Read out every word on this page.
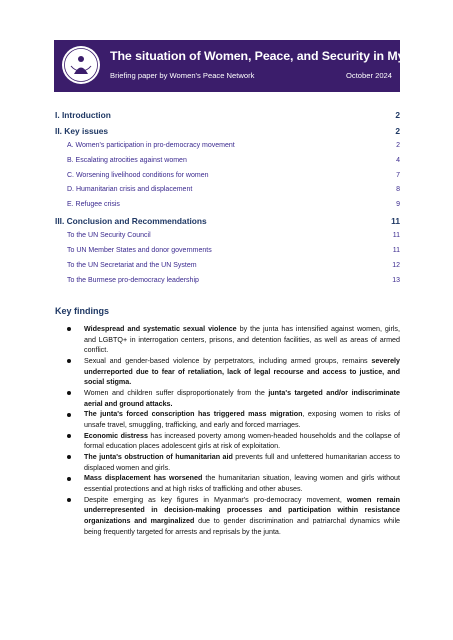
The situation of Women, Peace, and Security in Myanmar
Briefing paper by Women's Peace Network	October 2024
I. Introduction	2
II. Key issues	2
A. Women's participation in pro-democracy movement	2
B. Escalating atrocities against women	4
C. Worsening livelihood conditions for women	7
D. Humanitarian crisis and displacement	8
E. Refugee crisis	9
III. Conclusion and Recommendations	11
To the UN Security Council	11
To UN Member States and donor governments	11
To the UN Secretariat and the UN System	12
To the Burmese pro-democracy leadership	13
Key findings
Widespread and systematic sexual violence by the junta has intensified against women, girls, and LGBTQ+ in interrogation centers, prisons, and detention facilities, as well as areas of armed conflict.
Sexual and gender-based violence by perpetrators, including armed groups, remains severely underreported due to fear of retaliation, lack of legal recourse and access to justice, and social stigma.
Women and children suffer disproportionately from the junta's targeted and/or indiscriminate aerial and ground attacks.
The junta's forced conscription has triggered mass migration, exposing women to risks of unsafe travel, smuggling, trafficking, and early and forced marriages.
Economic distress has increased poverty among women-headed households and the collapse of formal education places adolescent girls at risk of exploitation.
The junta's obstruction of humanitarian aid prevents full and unfettered humanitarian access to displaced women and girls.
Mass displacement has worsened the humanitarian situation, leaving women and girls without essential protections and at high risks of trafficking and other abuses.
Despite emerging as key figures in Myanmar's pro-democracy movement, women remain underrepresented in decision-making processes and participation within resistance organizations and marginalized due to gender discrimination and patriarchal dynamics while being frequently targeted for arrests and reprisals by the junta.
